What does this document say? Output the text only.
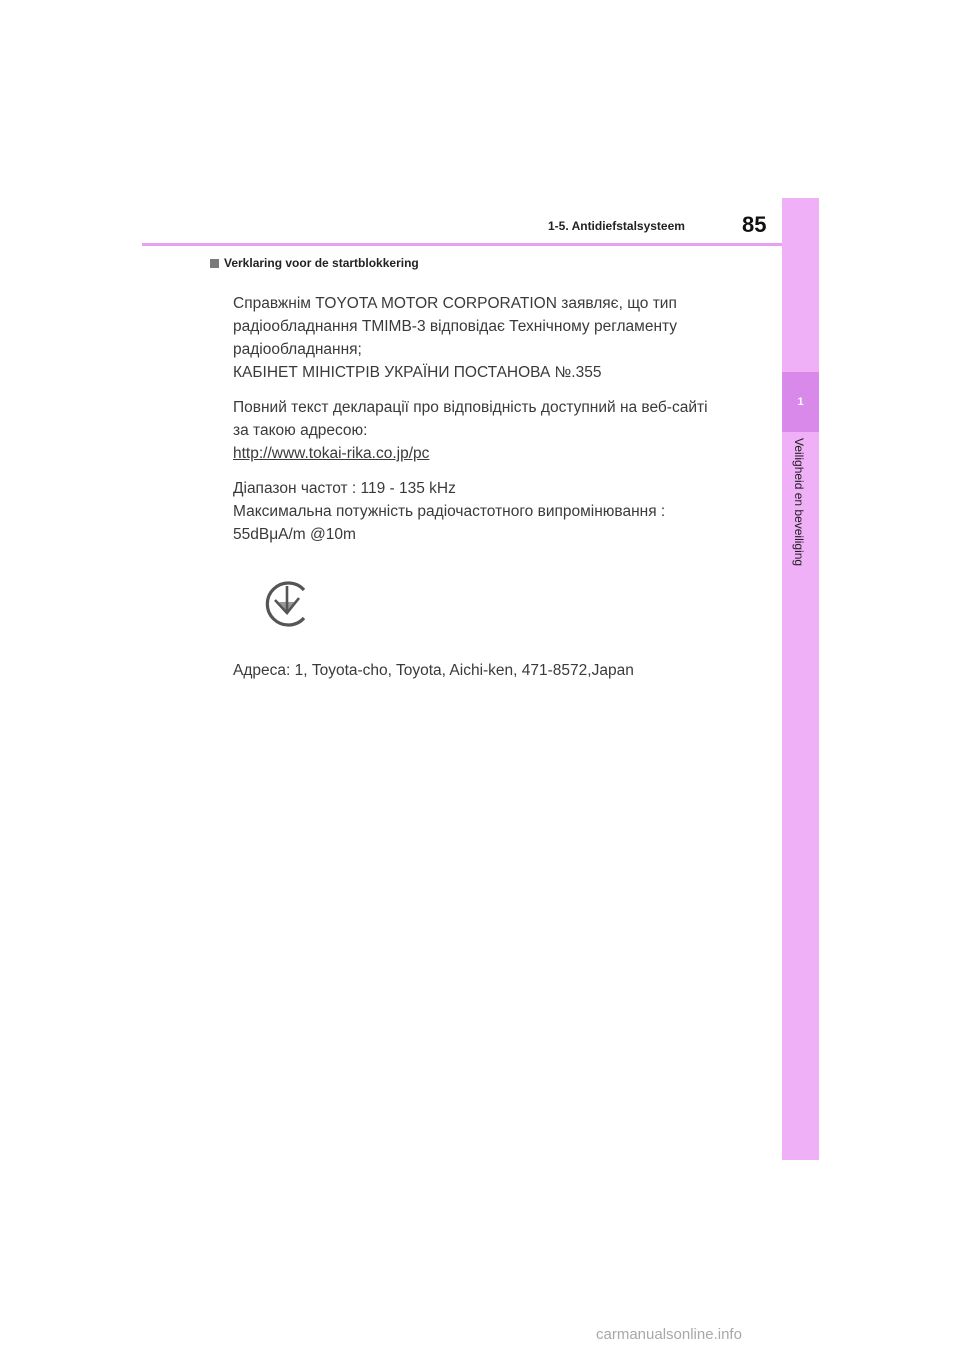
1-5. Antidiefstalsysteem	85
1
Veiligheid en beveiliging
Verklaring voor de startblokkering

Справжнім TOYOTA MOTOR CORPORATION заявляє, що тип

радіообладнання TMIMB-3 відповідає Технічному регламенту

радіообладнання;

КАБІНЕТ МІНІСТРІВ УКРАЇНИ ПОСТАНОВА №.355

Повний текст декларації про відповідність доступний на веб-сайті

за такою адресою:

http://www.tokai-rika.co.jp/pc

Діапазон частот : 119 - 135 kHz

Максимальна потужність радіочастотного випромінювання :

55dBμA/m @10m

Адреса: 1, Toyota-cho, Toyota, Aichi-ken, 471-8572,Japan
carmanualsonline.info
